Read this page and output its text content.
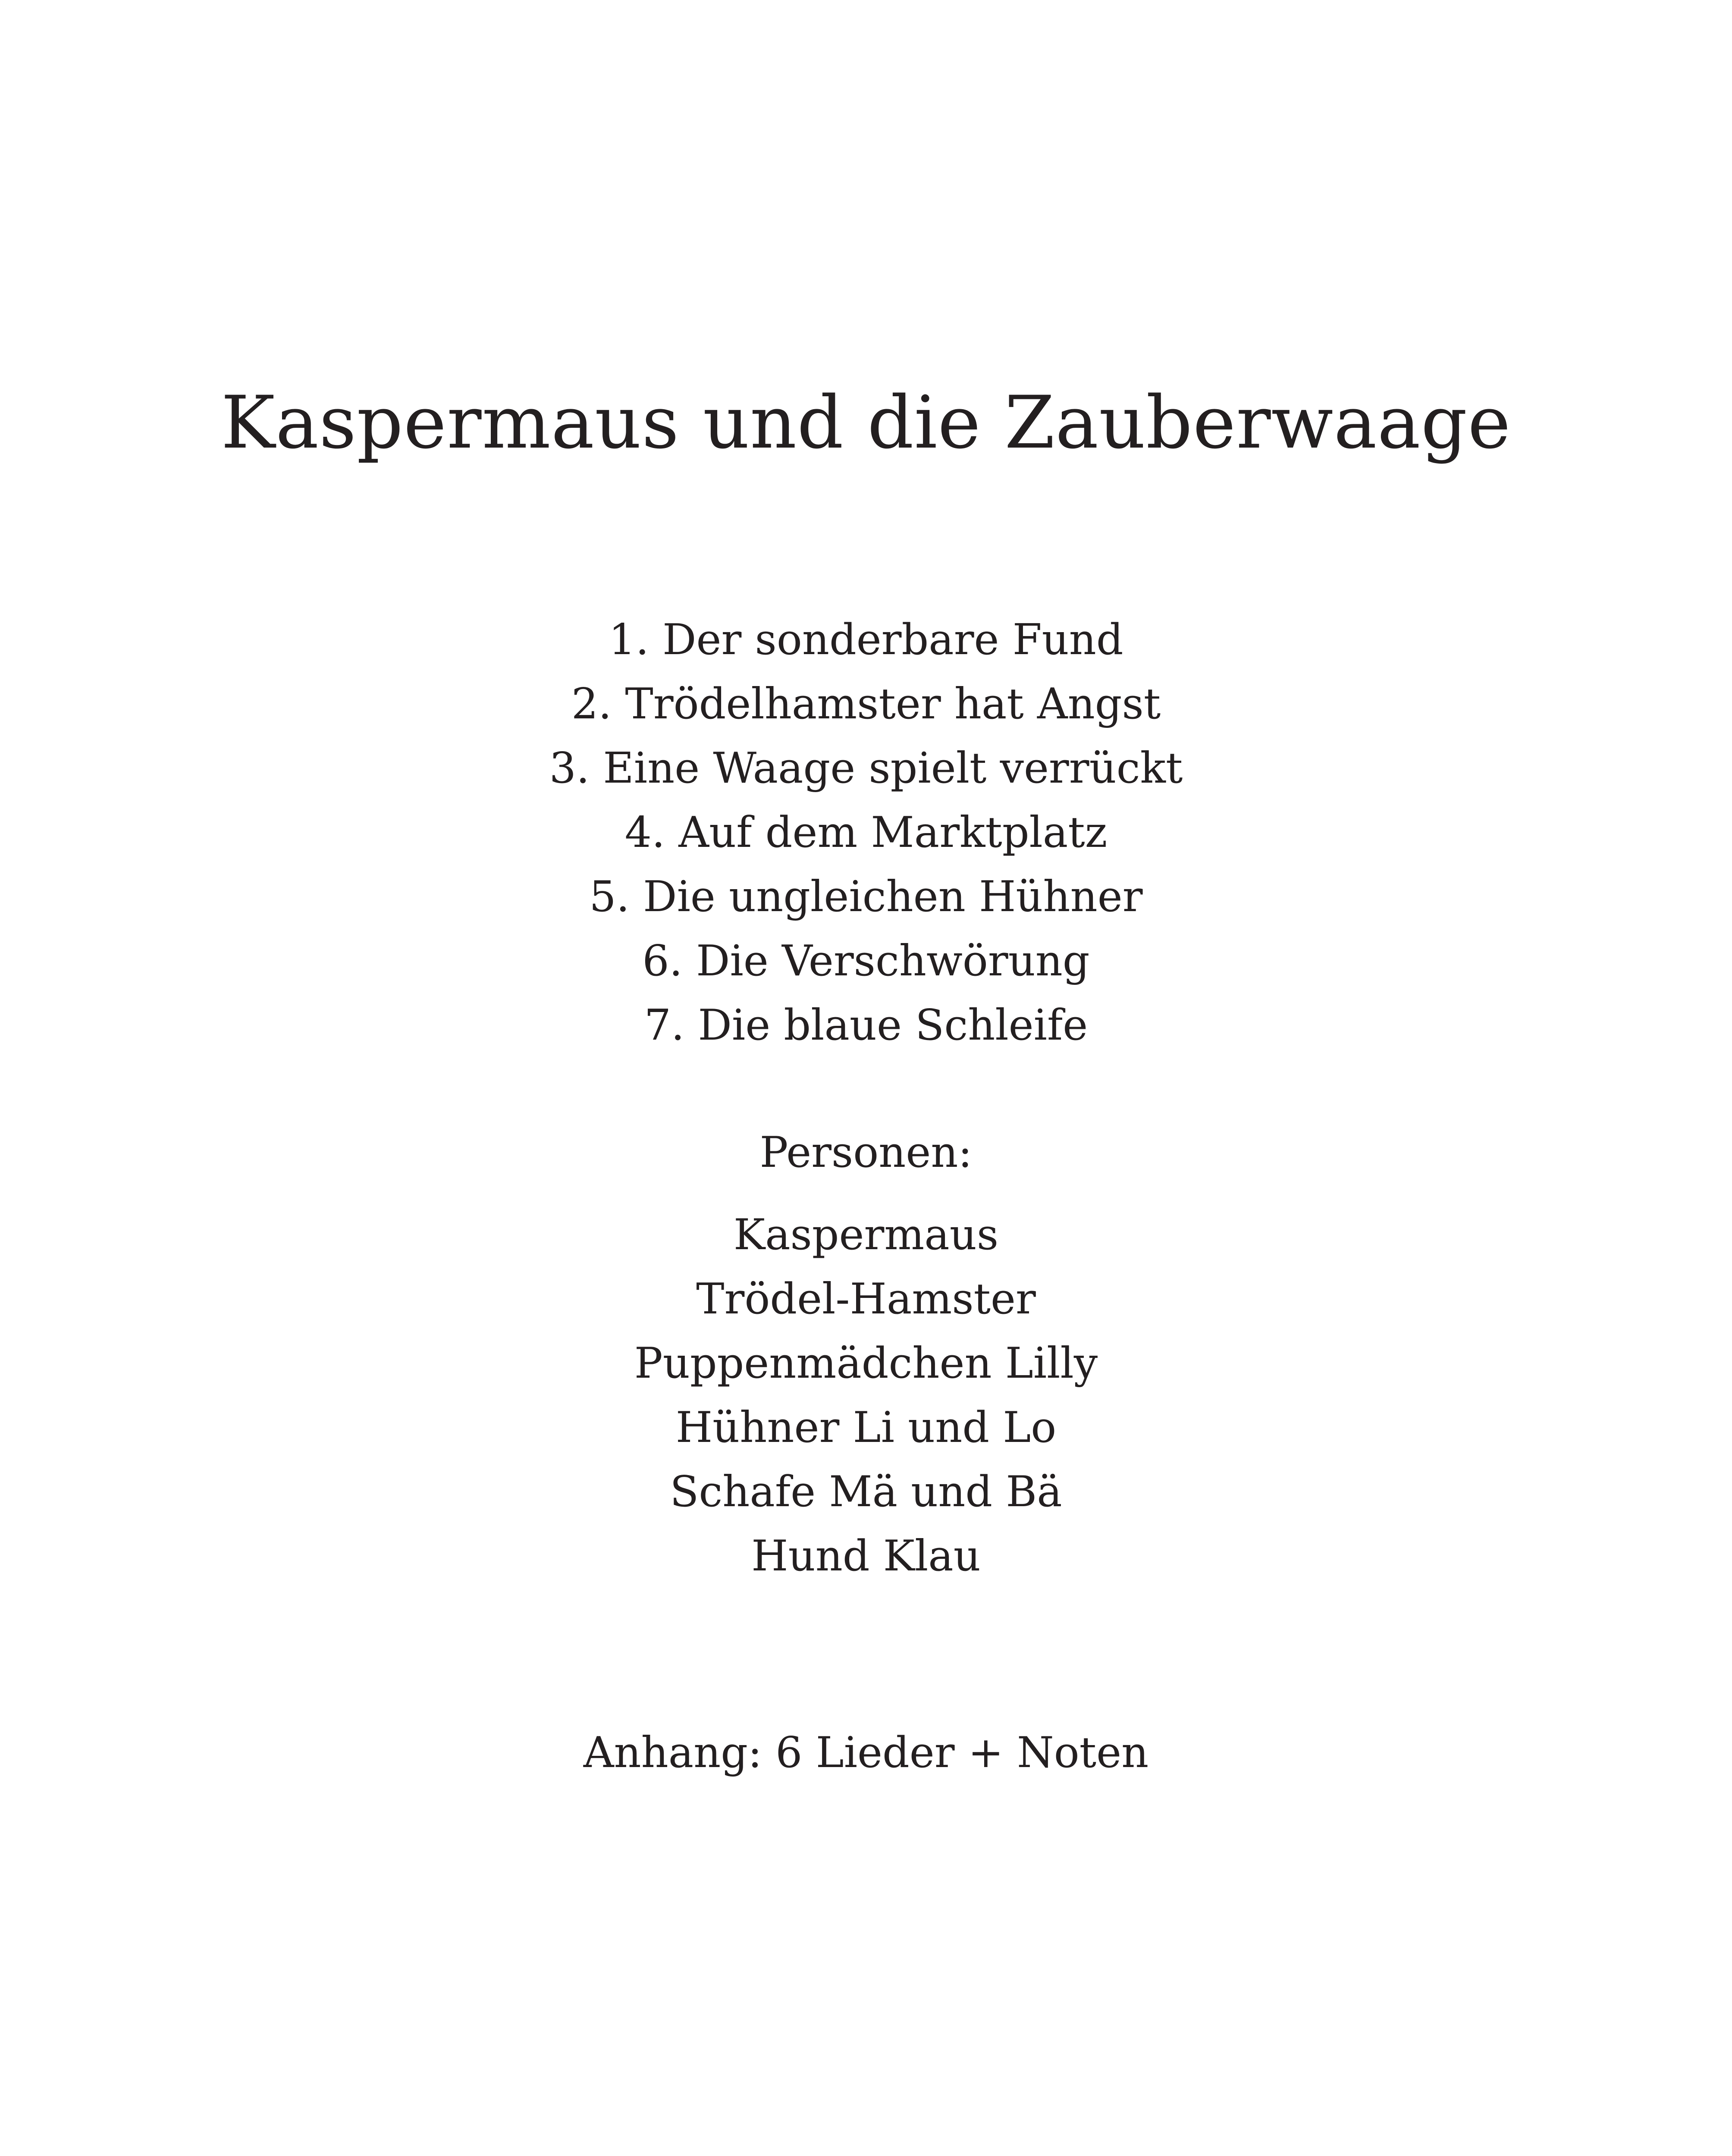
Kaspermaus und die Zauberwaage
1. Der sonderbare Fund
2. Trödelhamster hat Angst
3. Eine Waage spielt verrückt
4. Auf dem Marktplatz
5. Die ungleichen Hühner
6. Die Verschwörung
7. Die blaue Schleife
Personen:
Kaspermaus
Trödel-Hamster
Puppenmädchen Lilly
Hühner Li und Lo
Schafe Mä und Bä
Hund Klau

Anhang: 6 Lieder + Noten
